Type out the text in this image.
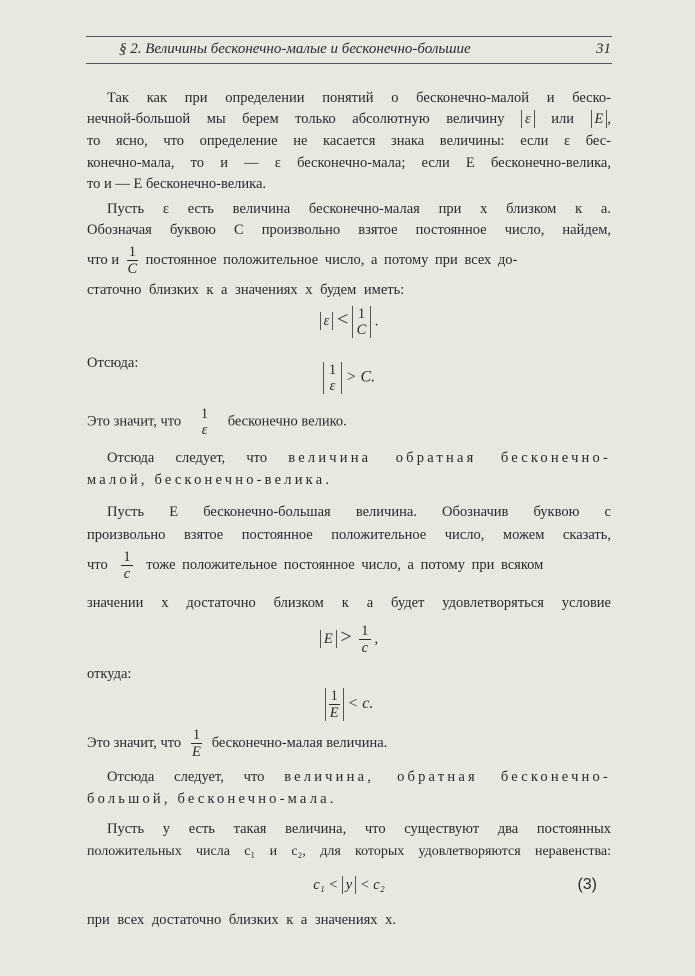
§ 2. Величины бесконечно-малые и бесконечно-большие	31
Так как при определении понятий о бесконечно-малой и беско-
нечной-большой мы берем только абсолютную величину ε или E ,
то ясно, что определение не касается знака величины: если ε бес-
конечно-мала, то и — ε бесконечно-мала; если E бесконечно-велика,
то и — E бесконечно-велика.
Пусть ε есть величина бесконечно-малая при x близком к a.
Обозначая буквою C произвольно взятое постоянное число, найдем,
что и $\frac{1}{C}$ постоянное положительное число, а потому при всех до-
статочно близких к a значениях x будем иметь:
ε < 1
C
.
Отсюда:	1
ε
> C.
Это значит, что 1
ε
бесконечно велико.
Отсюда следует, что величина обратная бесконечно-
малой, бесконечно-велика.
Пусть E бесконечно-большая величина. Обозначив буквою c
произвольно взятое постоянное положительное число, можем сказать,
что $\frac{1}{c}$ тоже положительное постоянное число, а потому при всяком
значении x достаточно близком к a будет удовлетворяться условие
$E > \frac{1}{c}$ ,
откуда:
$\frac{1}{E} < c$.
Это значит, что $\frac{1}{E}$ бесконечно-малая величина.
Отсюда следует, что величина, обратная бесконечно-
большой, бесконечно-мала.
Пусть y есть такая величина, что существуют два постоянных
положительных числа c₁ и c₂, для которых удовлетворяются неравенства:
c₁ < y < c₂	(3)
при всех достаточно близких к a значениях x.
